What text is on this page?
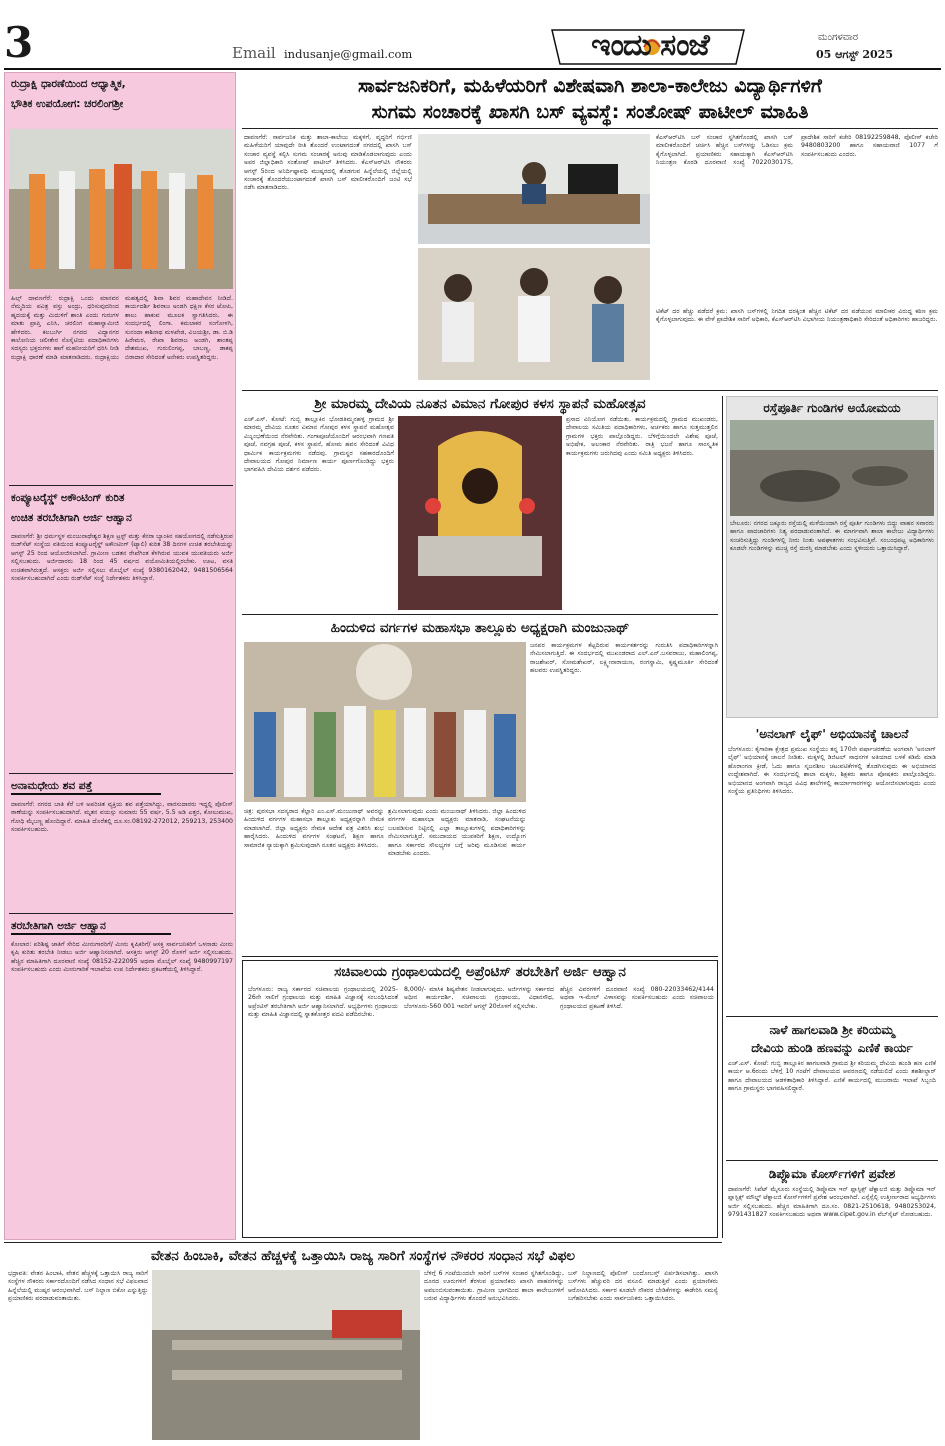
3	Email indusanje@gmail.com	ಇಂದು ಸಂಜೆ	ಮಂಗಳವಾರ
05 ಆಗಸ್ಟ್ 2025
ರುದ್ರಾಕ್ಷಿ ಧಾರಣೆಯಿಂದ ಆಧ್ಯಾತ್ಮಿಕ,
ಭೌತಿಕ ಉಪಯೋಗ: ಚರಲಿಂಗಶ್ರೀ
ಹಿಲ್ಸ್ ದಾವಣಗೆರೆ: ರುದ್ರಾಕ್ಷಿ ಒಂದು ಮಾನವನ ನೆಮ್ಮದಿಯ ಪವಿತ್ರ ವಸ್ತು ಅಂದ್ರು, ಧರಿಸುವುದರಿಂದ ಹೃದಯಕ್ಕೆ ಮತ್ತು ಮಿದುಳಿಗೆ ಶಾಂತಿ ಎಂದು ಗುರುಗಳ ಮಾತು ಪ್ರಾಪ್ತಿ ಎನಿಸಿ, ಚರಲಿಂಗ ಮಹಾಸ್ವಾಮೀಜಿ ಹೇಳಿದರು. ಕಲಬುರ್ಗಿ ನಗರದ ವಿದ್ಯಾನಗರ ಕಾಲೋನಿಯ ಚಲೀತೇರ ಸೊಸೈಟಿಯ ಪದಾಧಿಕಾರಿಗಳು ಸದಸ್ಯರು ಭಕ್ತರುಗಳು ಹಾಗೆ ಮಹನೀಯರಿಗೆ ಧರಿಸಿ ನೀಡಿ ರುದ್ರಾಕ್ಷಿ ಧಾರಣೆ ಮಾಡಿ ಮಾತನಾಡಿದರು. ರುದ್ರಾಕ್ಷಿಯು ಮಹತ್ವದಲ್ಲಿ ಶಿವಾ ಶಿವನ ಮಹಾದೇವನ ನೀಡಿದೆ. ಕಾರ್ಯದರ್ಶಿ ಶಿವರಾಜ ಅಂಡಗಿ ಧಕ್ಷಿಣ ಕೆಸರ ಟೋಪಿ, ಶಾಲು ಹಾಕುವ ಮೂಲಕ ಸ್ವಾಗತಿಸಿದರು. ಈ ಸಂದರ್ಭದಲ್ಲಿ ಲಿಂಗಾ. ಕಮಲಾಕರ ಸಂಗೋಳಗಿ, ಸುನಂದಾ ಕಾಶಿನಾಥ ಮಳಖೇಡ, ವಿಜಯಶ್ರೀ, ಡಾ. ಬಿ.ಡಿ ಹಿರೇಮಠ, ರೇಖಾ ಶಿವರಾಜ ಅಂಡಗಿ, ಶಾಂತಪ್ಪ ದೇಶಮುಖ, ಗುರುಲಿಂಗಪ್ಪ, ಬಾಬಣ್ಣ, ಡಾಕಪ್ಪ ಬಿರಾದಾರ ಸೇರಿದಂತೆ ಅನೇಕರು ಉಪಸ್ಥಿತರಿದ್ದರು.
ಕಂಪ್ಯೂಟರೈಸ್ಡ್ ಅಕೌಂಟಿಂಗ್ ಕುರಿತ
ಉಚಿತ ತರಬೇತಿಗಾಗಿ ಅರ್ಜಿ ಆಹ್ವಾನ
ದಾವಣಗೆರೆ: ಶ್ರೀ ಧರ್ಮಸ್ಥಳ ಮಂಜುನಾಥೇಶ್ವರ ಶಿಕ್ಷಣ ಟ್ರಸ್ಟ್ ಮತ್ತು ಕೆನರಾ ಬ್ಯಾಂಕಿನ ಸಹಯೋಗದಲ್ಲಿ ನಡೆಸುತ್ತಿರುವ ರುಡ್‌ಸೆಟ್ ಸಂಸ್ಥೆಯ ವತಿಯಿಂದ ಕಂಪ್ಯೂಟರೈಸ್ಡ್ ಅಕೌಂಟಿಂಗ್ (ಟ್ಯಾಲಿ) ಕುರಿತ 38 ದಿನಗಳ ಉಚಿತ ತರಬೇತಿಯನ್ನು ಆಗಸ್ಟ್ 25 ರಿಂದ ಆಯೋಜಿಸಲಾಗಿದೆ. ಗ್ರಾಮೀಣ ಬಡತನ ರೇಖೆಗಿಂತ ಕೆಳಗಿರುವ ಯುವಕ ಯುವತಿಯರು ಅರ್ಜಿ ಸಲ್ಲಿಸಬಹುದು. ಅರ್ಜಿದಾರರು 18 ರಿಂದ 45 ವರ್ಷದ ವಯೋಮಿತಿಯಲ್ಲಿರಬೇಕು. ಊಟ, ವಸತಿ ಉಚಿತವಾಗಿರುತ್ತದೆ. ಆಸಕ್ತರು ಅರ್ಜಿ ಸಲ್ಲಿಸಲು ಮೊಬೈಲ್ ಸಂಖ್ಯೆ 9380162042, 9481506564 ಸಂಪರ್ಕಿಸಬಹುದಾಗಿದೆ ಎಂದು ರುಡ್‌ಸೆಟ್ ಸಂಸ್ಥೆ ನಿರ್ದೇಶಕರು ತಿಳಿಸಿದ್ದಾರೆ.
ಅನಾಮಧೇಯ ಶವ ಪತ್ತೆ
ದಾವಣಗೆರೆ: ನಗರದ ಬಾತಿ ಕೆರೆ ಬಳಿ ಅಪರಿಚಿತ ವ್ಯಕ್ತಿಯ ಶವ ಪತ್ತೆಯಾಗಿದ್ದು, ವಾರಸುದಾರರು ಇದ್ದಲ್ಲಿ ಪೊಲೀಸ್ ಠಾಣೆಯನ್ನು ಸಂಪರ್ಕಿಸಬಹುದಾಗಿದೆ. ಮೃತನ ವಯಸ್ಸು ಸುಮಾರು 55 ವರ್ಷ, 5.5 ಅಡಿ ಎತ್ತರ, ಕೋಲುಮುಖ, ಗೋಧಿ ಮೈಬಣ್ಣ ಹೊಂದಿದ್ದಾನೆ. ಮಾಹಿತಿ ದೊರೆತಲ್ಲಿ ದೂ.ಸಂ.08192-272012, 259213, 253400 ಸಂಪರ್ಕಿಸಬಹುದು.
ತರಬೇತಿಗಾಗಿ ಅರ್ಜಿ ಆಹ್ವಾನ
ಕೋಲಾರ: ಪರಿಶಿಷ್ಟ ಜಾತಿಗೆ ಸೇರಿದ ಮೀನುಗಾರರಿಗೆ/ ಮೀನು ಕೃಷಿಕರಿಗೆ/ ಆಸಕ್ತ ಸಾರ್ವಜನಿಕರಿಗೆ ಒಳನಾಡು ಮೀನು ಕೃಷಿ ಕುರಿತು ತರಬೇತಿ ನೀಡಲು ಅರ್ಜಿ ಆಹ್ವಾನಿಸಲಾಗಿದೆ. ಆಸಕ್ತರು ಆಗಸ್ಟ್ 20 ರೊಳಗೆ ಅರ್ಜಿ ಸಲ್ಲಿಸಬಹುದು. ಹೆಚ್ಚಿನ ಮಾಹಿತಿಗಾಗಿ ದೂರವಾಣಿ ಸಂಖ್ಯೆ 08152-222095 ಅಥವಾ ಮೊಬೈಲ್ ಸಂಖ್ಯೆ 9480997197 ಸಂಪರ್ಕಿಸಬಹುದು ಎಂದು ಮೀನುಗಾರಿಕೆ ಇಲಾಖೆಯ ಉಪ ನಿರ್ದೇಶಕರು ಪ್ರಕಟಣೆಯಲ್ಲಿ ತಿಳಿಸಿದ್ದಾರೆ.
ಸಾರ್ವಜನಿಕರಿಗೆ, ಮಹಿಳೆಯರಿಗೆ ವಿಶೇಷವಾಗಿ ಶಾಲಾ-ಕಾಲೇಜು ವಿದ್ಯಾರ್ಥಿಗಳಿಗೆ
ಸುಗಮ ಸಂಚಾರಕ್ಕೆ ಖಾಸಗಿ ಬಸ್ ವ್ಯವಸ್ಥೆ: ಸಂತೋಷ್ ಪಾಟೀಲ್ ಮಾಹಿತಿ
ದಾವಣಗೆರೆ: ಸಾರ್ವಜನಿಕ ಮತ್ತು ಶಾಲಾ-ಕಾಲೇಜು ಮಕ್ಕಳಿಗೆ, ವೃದ್ಧರಿಗೆ ಗರ್ಭಿಣಿ ಮಹಿಳೆಯರಿಗೆ ಯಾವುದೇ ರೀತಿ ತೊಂದರೆ ಉಂಟಾಗದಂತೆ ನಗರದಲ್ಲಿ ಖಾಸಗಿ ಬಸ್ ಸಂಚಾರ ವ್ಯವಸ್ಥೆ ಕಲ್ಪಿಸಿ ಸುಗಮ ಸಂಚಾರಕ್ಕೆ ಅನುವು ಮಾಡಿಕೊಡಲಾಗುವುದು ಎಂದು ಅಪರ ಜಿಲ್ಲಾಧಿಕಾರಿ ಸಂತೋಷ್ ಪಾಟೀಲ್ ತಿಳಿಸಿದರು. ಕೆಎಸ್ಆರ್‌ಟಿಸಿ ನೌಕರರು ಆಗಸ್ಟ್ 5ರಿಂದ ಅನಿರ್ದಿಷ್ಟಾವಧಿ ಮುಷ್ಕರದಲ್ಲಿ ತೊಡಗುವ ಹಿನ್ನೆಲೆಯಲ್ಲಿ ಜಿಲ್ಲೆಯಲ್ಲಿ ಸಂಚಾರಕ್ಕೆ ತೊಂದರೆಯುಂಟಾಗದಂತೆ ಖಾಸಗಿ ಬಸ್ ಮಾಲೀಕರೊಂದಿಗೆ ಜಂಟಿ ಸಭೆ ನಡೆಸಿ ಮಾತನಾಡಿದರು.
ಕೆಎಸ್ಆರ್‌ಟಿಸಿ ಬಸ್ ಸಂಚಾರ ಸ್ಥಗಿತಗೊಂಡಲ್ಲಿ ಖಾಸಗಿ ಬಸ್ ಮಾಲೀಕರೊಂದಿಗೆ ಚರ್ಚಿಸಿ ಹೆಚ್ಚಿನ ಬಸ್‌ಗಳನ್ನು ಓಡಿಸಲು ಕ್ರಮ ಕೈಗೊಳ್ಳಲಾಗಿದೆ. ಪ್ರಯಾಣಿಕರು ಸಹಾಯಕ್ಕಾಗಿ ಕೆಎಸ್ಆರ್‌ಟಿಸಿ ನಿಯಂತ್ರಣ ಕೊಠಡಿ ದೂರವಾಣಿ ಸಂಖ್ಯೆ 7022030175, ಪ್ರಾದೇಶಿಕ ಸಾರಿಗೆ ಕಚೇರಿ 08192259848, ಪೊಲೀಸ್ ಕಚೇರಿ 9480803200 ಹಾಗೂ ಸಹಾಯವಾಣಿ 1077 ಗೆ ಸಂಪರ್ಕಿಸಬಹುದು ಎಂದರು.
ಟಿಕೆಟ್ ದರ ಹೆಚ್ಚು ಪಡೆದರೆ ಕ್ರಮ: ಖಾಸಗಿ ಬಸ್‌ಗಳಲ್ಲಿ ನಿಗದಿತ ದರಕ್ಕಿಂತ ಹೆಚ್ಚಿನ ಟಿಕೆಟ್ ದರ ಪಡೆಯುವ ಮಾಲೀಕರ ವಿರುದ್ಧ ಕಠಿಣ ಕ್ರಮ ಕೈಗೊಳ್ಳಲಾಗುವುದು. ಈ ವೇಳೆ ಪ್ರಾದೇಶಿಕ ಸಾರಿಗೆ ಅಧಿಕಾರಿ, ಕೆಎಸ್ಆರ್‌ಟಿಸಿ ವಿಭಾಗೀಯ ನಿಯಂತ್ರಣಾಧಿಕಾರಿ ಸೇರಿದಂತೆ ಅಧಿಕಾರಿಗಳು ಹಾಜರಿದ್ದರು.
ಶ್ರೀ ಮಾರಮ್ಮ ದೇವಿಯ ನೂತನ ವಿಮಾನ ಗೋಪುರ ಕಳಸ ಸ್ಥಾಪನೆ ಮಹೋತ್ಸವ
ಎಚ್.ಎಸ್. ಕೋಟೆ: ಗುಬ್ಬಿ ತಾಲ್ಲೂಕಿನ ಭೋಡತಿಮ್ಮನಹಳ್ಳಿ ಗ್ರಾಮದ ಶ್ರೀ ಮಾರಮ್ಮ ದೇವಿಯ ನೂತನ ವಿಮಾನ ಗೋಪುರ ಕಳಸ ಸ್ಥಾಪನೆ ಮಹೋತ್ಸವ ವಿಜೃಂಭಣೆಯಿಂದ ನೆರವೇರಿತು. ಗಂಗಾಪೂಜೆಯೊಂದಿಗೆ ಆರಂಭವಾಗಿ ಗಣಪತಿ ಪೂಜೆ, ನವಗ್ರಹ ಪೂಜೆ, ಕಳಸ ಸ್ಥಾಪನೆ, ಹೋಮ ಹವನ ಸೇರಿದಂತೆ ವಿವಿಧ ಧಾರ್ಮಿಕ ಕಾರ್ಯಕ್ರಮಗಳು ನಡೆದವು. ಗ್ರಾಮಸ್ಥರ ಸಹಕಾರದೊಂದಿಗೆ ದೇವಾಲಯದ ಗೋಪುರ ನಿರ್ಮಾಣ ಕಾರ್ಯ ಪೂರ್ಣಗೊಂಡಿದ್ದು ಭಕ್ತರು ಭಾಗವಹಿಸಿ ದೇವಿಯ ದರ್ಶನ ಪಡೆದರು.
ಪ್ರಸಾದ ವಿನಿಯೋಗ ನಡೆಯಿತು. ಕಾರ್ಯಕ್ರಮದಲ್ಲಿ ಗ್ರಾಮದ ಮುಖಂಡರು, ದೇವಾಲಯ ಸಮಿತಿಯ ಪದಾಧಿಕಾರಿಗಳು, ಅರ್ಚಕರು ಹಾಗೂ ಸುತ್ತಮುತ್ತಲಿನ ಗ್ರಾಮಗಳ ಭಕ್ತರು ಪಾಲ್ಗೊಂಡಿದ್ದರು. ಬೆಳಿಗ್ಗೆಯಿಂದಲೇ ವಿಶೇಷ ಪೂಜೆ, ಅಭಿಷೇಕ, ಅಲಂಕಾರ ನೆರವೇರಿತು. ರಾತ್ರಿ ಭಜನೆ ಹಾಗೂ ಸಾಂಸ್ಕೃತಿಕ ಕಾರ್ಯಕ್ರಮಗಳು ಜರುಗಿದವು ಎಂದು ಸಮಿತಿ ಅಧ್ಯಕ್ಷರು ತಿಳಿಸಿದರು.
ಹಿಂದುಳಿದ ವರ್ಗಗಳ ಮಹಾಸಭಾ ತಾಲ್ಲೂಕು ಅಧ್ಯಕ್ಷರಾಗಿ ಮಂಜುನಾಥ್
ಜನಪರ ಕಾರ್ಯಕ್ರಮಗಳ ಕೆಟ್ಟದಿರುವ ಕಾರ್ಯಕರ್ತರನ್ನು ಗುರುತಿಸಿ ಪದಾಧಿಕಾರಿಗಳನ್ನಾಗಿ ನೇಮಿಸಲಾಗುತ್ತಿದೆ. ಈ ಸಂದರ್ಭದಲ್ಲಿ ಮುಖಂಡರಾದ ಎಲ್.ಎನ್.ಬಸವರಾಜು, ಮಹಾಲಿಂಗಪ್ಪ, ರಾಜಶೇಖರ್, ಸೋಮಶೇಖರ್, ಲಕ್ಷ್ಮೀನಾರಾಯಣ, ರಂಗಸ್ವಾಮಿ, ಕೃಷ್ಣಮೂರ್ತಿ ಸೇರಿದಂತೆ ಹಲವರು ಉಪಸ್ಥಿತರಿದ್ದರು.
ಚಿತ್ರ: ಪುರಸಭಾ ಸದಸ್ಯರಾದ ಕೆಲ್ಲಾರಿ ಎಂ.ಎಸ್.ಮಂಜುನಾಥ್ ಅವರನ್ನು ಹಿಂದುಳಿದ ವರ್ಗಗಳ ಮಹಾಸಭಾ ತಾಲ್ಲೂಕು ಅಧ್ಯಕ್ಷರನ್ನಾಗಿ ನೇಮಕ ಮಾಡಲಾಗಿದೆ. ಜಿಲ್ಲಾ ಅಧ್ಯಕ್ಷರು ನೇಮಕ ಆದೇಶ ಪತ್ರ ವಿತರಿಸಿ ಶುಭ ಹಾರೈಸಿದರು. ಹಿಂದುಳಿದ ವರ್ಗಗಳ ಸಂಘಟನೆ, ಶಿಕ್ಷಣ ಹಾಗೂ ಸಾಮಾಜಿಕ ನ್ಯಾಯಕ್ಕಾಗಿ ಶ್ರಮಿಸುವುದಾಗಿ ನೂತನ ಅಧ್ಯಕ್ಷರು ತಿಳಿಸಿದರು.
ಶ್ರಮಿಸಲಾಗುವುದು ಎಂದು ಮಂಜುನಾಥ್ ತಿಳಿಸಿದರು. ಜಿಲ್ಲಾ ಹಿಂದುಳಿದ ವರ್ಗಗಳ ಮಹಾಸಭಾ ಅಧ್ಯಕ್ಷರು ಮಾತನಾಡಿ, ಸಂಘಟನೆಯನ್ನು ಬಲಪಡಿಸುವ ನಿಟ್ಟಿನಲ್ಲಿ ಎಲ್ಲಾ ತಾಲ್ಲೂಕುಗಳಲ್ಲಿ ಪದಾಧಿಕಾರಿಗಳನ್ನು ನೇಮಿಸಲಾಗುತ್ತಿದೆ. ಸಮುದಾಯದ ಯುವಕರಿಗೆ ಶಿಕ್ಷಣ, ಉದ್ಯೋಗ ಹಾಗೂ ಸರ್ಕಾರದ ಸೌಲಭ್ಯಗಳ ಬಗ್ಗೆ ಅರಿವು ಮೂಡಿಸುವ ಕಾರ್ಯ ಮಾಡಬೇಕು ಎಂದರು.
ಸಚಿವಾಲಯ ಗ್ರಂಥಾಲಯದಲ್ಲಿ ಅಪ್ರೆಂಟಿಸ್ ತರಬೇತಿಗೆ ಅರ್ಜಿ ಆಹ್ವಾನ
ಬೆಂಗಳೂರು: ರಾಜ್ಯ ಸರ್ಕಾರದ ಸಚಿವಾಲಯ ಗ್ರಂಥಾಲಯದಲ್ಲಿ 2025-26ನೇ ಸಾಲಿಗೆ ಗ್ರಂಥಾಲಯ ಮತ್ತು ಮಾಹಿತಿ ವಿಜ್ಞಾನಕ್ಕೆ ಸಂಬಂಧಿಸಿದಂತೆ ಅಪ್ರೆಂಟಿಸ್ ತರಬೇತಿಗಾಗಿ ಅರ್ಜಿ ಆಹ್ವಾನಿಸಲಾಗಿದೆ. ಅಭ್ಯರ್ಥಿಗಳು ಗ್ರಂಥಾಲಯ ಮತ್ತು ಮಾಹಿತಿ ವಿಜ್ಞಾನದಲ್ಲಿ ಸ್ನಾತಕೋತ್ತರ ಪದವಿ ಪಡೆದಿರಬೇಕು.
8,000/- ಮಾಸಿಕ ಶಿಷ್ಯವೇತನ ನೀಡಲಾಗುವುದು. ಅರ್ಜಿಗಳನ್ನು ಸರ್ಕಾರದ ಅಧೀನ ಕಾರ್ಯದರ್ಶಿ, ಸಚಿವಾಲಯ ಗ್ರಂಥಾಲಯ, ವಿಧಾನಸೌಧ, ಬೆಂಗಳೂರು-560 001 ಇವರಿಗೆ ಆಗಸ್ಟ್ 20ರೊಳಗೆ ಸಲ್ಲಿಸಬೇಕು.
ಹೆಚ್ಚಿನ ವಿವರಗಳಿಗೆ ದೂರವಾಣಿ ಸಂಖ್ಯೆ 080-22033462/4144 ಅಥವಾ ಇ-ಮೇಲ್ ವಿಳಾಸವನ್ನು ಸಂಪರ್ಕಿಸಬಹುದು ಎಂದು ಸಚಿವಾಲಯ ಗ್ರಂಥಾಲಯದ ಪ್ರಕಟಣೆ ತಿಳಿಸಿದೆ.
ರಸ್ತೆಪೂರ್ತಿ ಗುಂಡಿಗಳ ಅಯೋಮಯ
ಬೇಲೂರು: ನಗರದ ಜಕ್ಕೂರು ರಸ್ತೆಯಲ್ಲಿ ಮಳೆಯಿಂದಾಗಿ ರಸ್ತೆ ಪೂರ್ತಿ ಗುಂಡಿಗಳು ಬಿದ್ದು ವಾಹನ ಸವಾರರು ಹಾಗೂ ಪಾದಚಾರಿಗಳು ನಿತ್ಯ ಪರದಾಡುವಂತಾಗಿದೆ. ಈ ಮಾರ್ಗವಾಗಿ ಶಾಲಾ ಕಾಲೇಜು ವಿದ್ಯಾರ್ಥಿಗಳು ಸಂಚರಿಸುತ್ತಿದ್ದು ಗುಂಡಿಗಳಲ್ಲಿ ನೀರು ನಿಂತು ಅಪಘಾತಗಳು ಸಂಭವಿಸುತ್ತಿವೆ. ಸಂಬಂಧಪಟ್ಟ ಅಧಿಕಾರಿಗಳು ಕೂಡಲೇ ಗುಂಡಿಗಳನ್ನು ಮುಚ್ಚಿ ರಸ್ತೆ ದುರಸ್ತಿ ಮಾಡಬೇಕು ಎಂದು ಸ್ಥಳೀಯರು ಒತ್ತಾಯಿಸಿದ್ದಾರೆ.
'ಅನಲಾಗ್ ಲೈಫ್' ಅಭಿಯಾನಕ್ಕೆ ಚಾಲನೆ
ಬೆಂಗಳೂರು: ಕೈಗಾರಿಕಾ ಕ್ಷೇತ್ರದ ಪ್ರಮುಖ ಸಂಸ್ಥೆಯು ತನ್ನ 170ನೇ ವರ್ಷಾಚರಣೆಯ ಅಂಗವಾಗಿ 'ಅನಲಾಗ್ ಲೈಫ್' ಅಭಿಯಾನಕ್ಕೆ ಚಾಲನೆ ನೀಡಿತು. ಮಕ್ಕಳಲ್ಲಿ ಡಿಜಿಟಲ್ ಸಾಧನಗಳ ಅತಿಯಾದ ಬಳಕೆ ಕಡಿಮೆ ಮಾಡಿ ಹೊರಾಂಗಣ ಕ್ರೀಡೆ, ಓದು ಹಾಗೂ ಸೃಜನಶೀಲ ಚಟುವಟಿಕೆಗಳಲ್ಲಿ ತೊಡಗಿಸುವುದು ಈ ಅಭಿಯಾನದ ಉದ್ದೇಶವಾಗಿದೆ. ಈ ಸಂದರ್ಭದಲ್ಲಿ ಶಾಲಾ ಮಕ್ಕಳು, ಶಿಕ್ಷಕರು ಹಾಗೂ ಪೋಷಕರು ಪಾಲ್ಗೊಂಡಿದ್ದರು. ಅಭಿಯಾನದ ಅಂಗವಾಗಿ ರಾಜ್ಯದ ವಿವಿಧ ಶಾಲೆಗಳಲ್ಲಿ ಕಾರ್ಯಾಗಾರಗಳನ್ನು ಆಯೋಜಿಸಲಾಗುವುದು ಎಂದು ಸಂಸ್ಥೆಯ ಪ್ರತಿನಿಧಿಗಳು ತಿಳಿಸಿದರು.
ನಾಳೆ ಹಾಗಲವಾಡಿ ಶ್ರೀ ಕರಿಯಮ್ಮ
ದೇವಿಯ ಹುಂಡಿ ಹಣವನ್ನು ಎಣಿಕೆ ಕಾರ್ಯ
ಎಚ್.ಎಸ್. ಕೋಟೆ: ಗುಬ್ಬಿ ತಾಲ್ಲೂಕಿನ ಹಾಗಲವಾಡಿ ಗ್ರಾಮದ ಶ್ರೀ ಕರಿಯಮ್ಮ ದೇವಿಯ ಹುಂಡಿ ಹಣ ಎಣಿಕೆ ಕಾರ್ಯ ಆ.6ರಂದು ಬೆಳಿಗ್ಗೆ 10 ಗಂಟೆಗೆ ದೇವಾಲಯದ ಆವರಣದಲ್ಲಿ ನಡೆಯಲಿದೆ ಎಂದು ತಹಶೀಲ್ದಾರ್ ಹಾಗೂ ದೇವಾಲಯದ ಆಡಳಿತಾಧಿಕಾರಿ ತಿಳಿಸಿದ್ದಾರೆ. ಎಣಿಕೆ ಕಾರ್ಯದಲ್ಲಿ ಮುಜರಾಯಿ ಇಲಾಖೆ ಸಿಬ್ಬಂದಿ ಹಾಗೂ ಗ್ರಾಮಸ್ಥರು ಭಾಗವಹಿಸಲಿದ್ದಾರೆ.
ಡಿಪ್ಲೊಮಾ ಕೋರ್ಸ್‌ಗಳಿಗೆ ಪ್ರವೇಶ
ದಾವಣಗೆರೆ: ಸಿಪೆಟ್ ಮೈಸೂರು ಸಂಸ್ಥೆಯಲ್ಲಿ ಡಿಪ್ಲೊಮಾ ಇನ್ ಪ್ಲಾಸ್ಟಿಕ್ಸ್ ಟೆಕ್ನಾಲಜಿ ಮತ್ತು ಡಿಪ್ಲೊಮಾ ಇನ್ ಪ್ಲಾಸ್ಟಿಕ್ಸ್ ಮೌಲ್ಡ್ ಟೆಕ್ನಾಲಜಿ ಕೋರ್ಸ್‌ಗಳಿಗೆ ಪ್ರವೇಶ ಆರಂಭವಾಗಿದೆ. ಎಸ್ಸೆಸ್ಸೆಲ್ಸಿ ಉತ್ತೀರ್ಣರಾದ ಅಭ್ಯರ್ಥಿಗಳು ಅರ್ಜಿ ಸಲ್ಲಿಸಬಹುದು. ಹೆಚ್ಚಿನ ಮಾಹಿತಿಗಾಗಿ ದೂ.ಸಂ. 0821-2510618, 9480253024, 9791431827 ಸಂಪರ್ಕಿಸಬಹುದು ಅಥವಾ www.cipet.gov.in ವೆಬ್‌ಸೈಟ್ ನೋಡಬಹುದು.
ವೇತನ ಹಿಂಬಾಕಿ, ವೇತನ ಹೆಚ್ಚಳಕ್ಕೆ ಒತ್ತಾಯಿಸಿ ರಾಜ್ಯ ಸಾರಿಗೆ ಸಂಸ್ಥೆಗಳ ನೌಕರರ ಸಂಧಾನ ಸಭೆ ವಿಫಲ
ಭದ್ರಾವತಿ: ವೇತನ ಹಿಂಬಾಕಿ, ವೇತನ ಹೆಚ್ಚಳಕ್ಕೆ ಒತ್ತಾಯಿಸಿ ರಾಜ್ಯ ಸಾರಿಗೆ ಸಂಸ್ಥೆಗಳ ನೌಕರರು ಸರ್ಕಾರದೊಂದಿಗೆ ನಡೆಸಿದ ಸಂಧಾನ ಸಭೆ ವಿಫಲವಾದ ಹಿನ್ನೆಲೆಯಲ್ಲಿ ಮುಷ್ಕರ ಆರಂಭವಾಗಿದೆ. ಬಸ್ ನಿಲ್ದಾಣ ಬಿಕೋ ಎನ್ನುತ್ತಿದ್ದು ಪ್ರಯಾಣಿಕರು ಪರದಾಡುವಂತಾಯಿತು.
ಬೆಳಿಗ್ಗೆ 6 ಗಂಟೆಯಿಂದಲೇ ಸಾರಿಗೆ ಬಸ್‌ಗಳ ಸಂಚಾರ ಸ್ಥಗಿತಗೊಂಡಿದ್ದು, ದೂರದ ಊರುಗಳಿಗೆ ತೆರಳುವ ಪ್ರಯಾಣಿಕರು ಖಾಸಗಿ ವಾಹನಗಳನ್ನು ಅವಲಂಬಿಸುವಂತಾಯಿತು. ಗ್ರಾಮೀಣ ಭಾಗದಿಂದ ಶಾಲಾ ಕಾಲೇಜುಗಳಿಗೆ ಬರುವ ವಿದ್ಯಾರ್ಥಿಗಳು ತೊಂದರೆ ಅನುಭವಿಸಿದರು.
ಬಸ್ ನಿಲ್ದಾಣದಲ್ಲಿ ಪೊಲೀಸ್ ಬಂದೋಬಸ್ತ್ ಏರ್ಪಡಿಸಲಾಗಿತ್ತು. ಖಾಸಗಿ ಬಸ್‌ಗಳು ಹೆಚ್ಚುವರಿ ದರ ವಸೂಲಿ ಮಾಡುತ್ತಿವೆ ಎಂದು ಪ್ರಯಾಣಿಕರು ಆರೋಪಿಸಿದರು. ಸರ್ಕಾರ ಕೂಡಲೇ ನೌಕರರ ಬೇಡಿಕೆಗಳನ್ನು ಈಡೇರಿಸಿ ಸಮಸ್ಯೆ ಬಗೆಹರಿಸಬೇಕು ಎಂದು ಸಾರ್ವಜನಿಕರು ಒತ್ತಾಯಿಸಿದರು.
